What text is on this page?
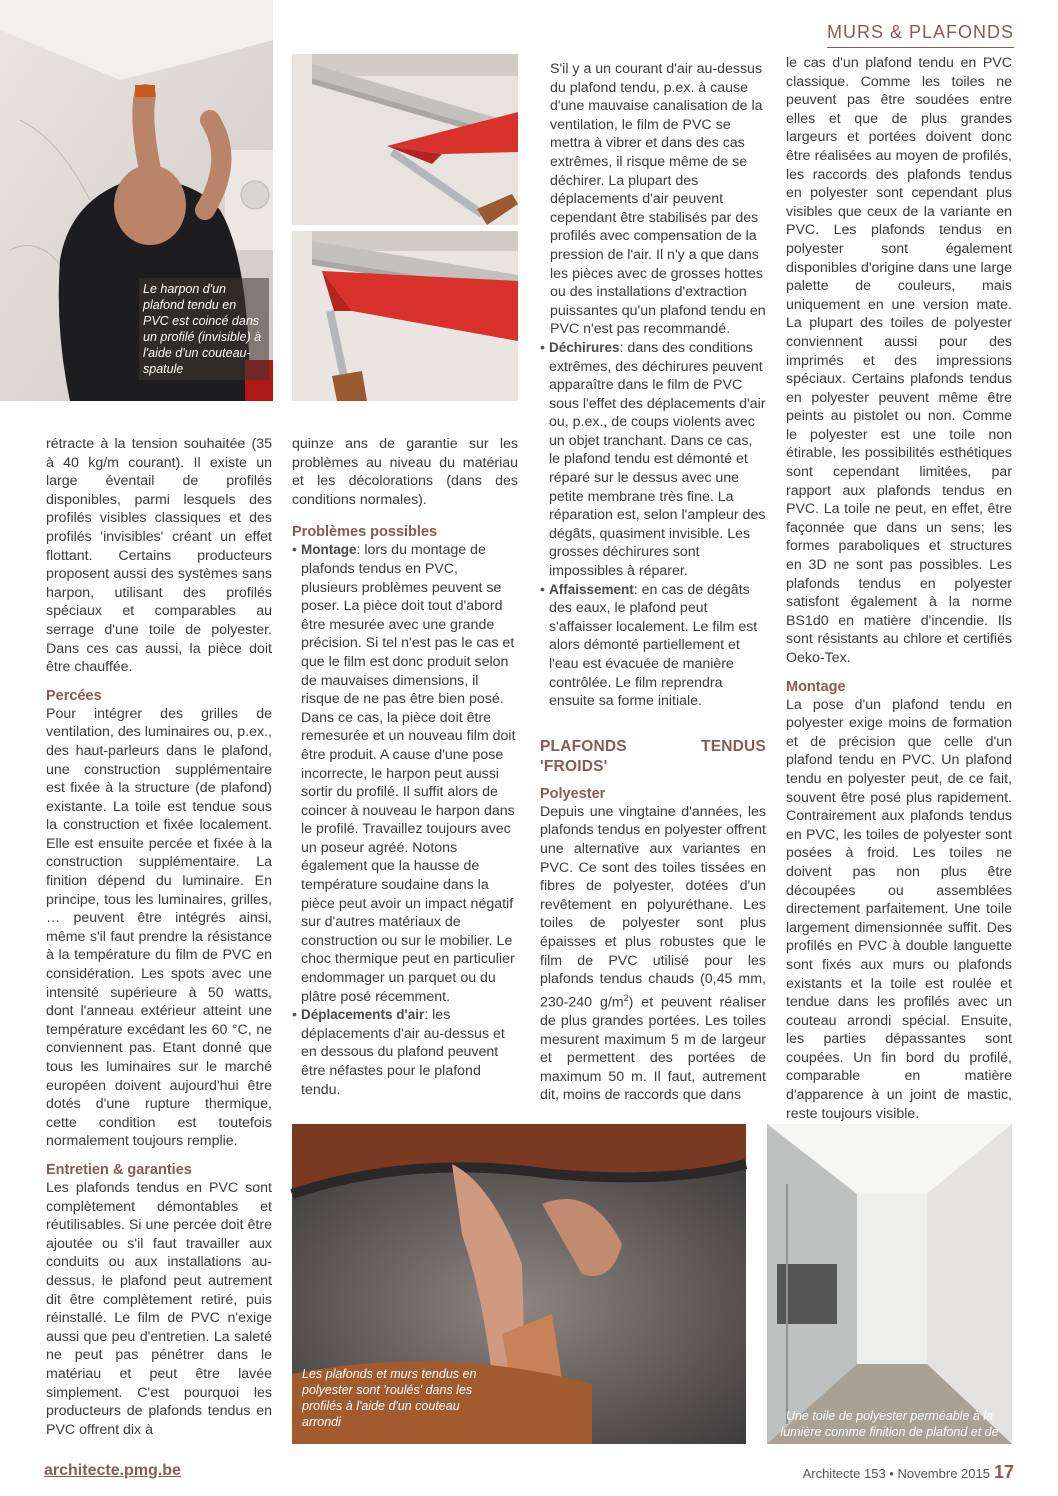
MURS & PLAFONDS
Le harpon d'un plafond tendu en PVC est coincé dans un profilé (invisible) à l'aide d'un couteau-spatule

rétracte à la tension souhaitée (35 à 40 kg/m courant). Il existe un large éventail de profilés disponibles, parmi lesquels des profilés visibles classiques et des profilés 'invisibles' créant un effet flottant. Certains producteurs proposent aussi des systèmes sans harpon, utilisant des profilés spéciaux et comparables au serrage d'une toile de polyester. Dans ces cas aussi, la pièce doit être chauffée.

Percées

Pour intégrer des grilles de ventilation, des luminaires ou, p.ex., des haut-parleurs dans le plafond, une construction supplémentaire est fixée à la structure (de plafond) existante. La toile est tendue sous la construction et fixée localement. Elle est ensuite percée et fixée à la construction supplémentaire. La finition dépend du luminaire. En principe, tous les luminaires, grilles, … peuvent être intégrés ainsi, même s'il faut prendre la résistance à la température du film de PVC en considération. Les spots avec une intensité supérieure à 50 watts, dont l'anneau extérieur atteint une température excédant les 60 °C, ne conviennent pas. Etant donné que tous les luminaires sur le marché européen doivent aujourd'hui être dotés d'une rupture thermique, cette condition est toutefois normalement toujours remplie.

Entretien & garanties

Les plafonds tendus en PVC sont complètement démontables et réutilisables. Si une percée doit être ajoutée ou s'il faut travailler aux conduits ou aux installations au-dessus, le plafond peut autrement dit être complètement retiré, puis réinstallé. Le film de PVC n'exige aussi que peu d'entretien. La saleté ne peut pas pénétrer dans le matériau et peut être lavée simplement. C'est pourquoi les producteurs de plafonds tendus en PVC offrent dix à

quinze ans de garantie sur les problèmes au niveau du matériau et les décolorations (dans des conditions normales).

Problèmes possibles
• Montage: lors du montage de plafonds tendus en PVC, plusieurs problèmes peuvent se poser. La pièce doit tout d'abord être mesurée avec une grande précision. Si tel n'est pas le cas et que le film est donc produit selon de mauvaises dimensions, il risque de ne pas être bien posé. Dans ce cas, la pièce doit être remesurée et un nouveau film doit être produit. A cause d'une pose incorrecte, le harpon peut aussi sortir du profilé. Il suffit alors de coincer à nouveau le harpon dans le profilé. Travaillez toujours avec un poseur agréé. Notons également que la hausse de température soudaine dans la pièce peut avoir un impact négatif sur d'autres matériaux de construction ou sur le mobilier. Le choc thermique peut en particulier endommager un parquet ou du plâtre posé récemment.
• Déplacements d'air: les déplacements d'air au-dessus et en dessous du plafond peuvent être néfastes pour le plafond tendu.

S'il y a un courant d'air au-dessus du plafond tendu, p.ex. à cause d'une mauvaise canalisation de la ventilation, le film de PVC se mettra à vibrer et dans des cas extrêmes, il risque même de se déchirer. La plupart des déplacements d'air peuvent cependant être stabilisés par des profilés avec compensation de la pression de l'air. Il n'y a que dans les pièces avec de grosses hottes ou des installations d'extraction puissantes qu'un plafond tendu en PVC n'est pas recommandé.

• Déchirures: dans des conditions extrêmes, des déchirures peuvent apparaître dans le film de PVC sous l'effet des déplacements d'air ou, p.ex., de coups violents avec un objet tranchant. Dans ce cas, le plafond tendu est démonté et réparé sur le dessus avec une petite membrane très fine. La réparation est, selon l'ampleur des dégâts, quasiment invisible. Les grosses déchirures sont impossibles à réparer.
• Affaissement: en cas de dégâts des eaux, le plafond peut s'affaisser localement. Le film est alors démonté partiellement et l'eau est évacuée de manière contrôlée. Le film reprendra ensuite sa forme initiale.
PLAFONDS TENDUS 'FROIDS'
Polyester

Depuis une vingtaine d'années, les plafonds tendus en polyester offrent une alternative aux variantes en PVC. Ce sont des toiles tissées en fibres de polyester, dotées d'un revêtement en polyuréthane. Les toiles de polyester sont plus épaisses et plus robustes que le film de PVC utilisé pour les plafonds tendus chauds (0,45 mm, 230-240 $g/m^2$) et peuvent réaliser de plus grandes portées. Les toiles mesurent maximum 5 m de largeur et permettent des portées de maximum 50 m. Il faut, autrement dit, moins de raccords que dans

le cas d'un plafond tendu en PVC classique. Comme les toiles ne peuvent pas être soudées entre elles et que de plus grandes largeurs et portées doivent donc être réalisées au moyen de profilés, les raccords des plafonds tendus en polyester sont cependant plus visibles que ceux de la variante en PVC. Les plafonds tendus en polyester sont également disponibles d'origine dans une large palette de couleurs, mais uniquement en une version mate. La plupart des toiles de polyester conviennent aussi pour des imprimés et des impressions spéciaux. Certains plafonds tendus en polyester peuvent même être peints au pistolet ou non. Comme le polyester est une toile non étirable, les possibilités esthétiques sont cependant limitées, par rapport aux plafonds tendus en PVC. La toile ne peut, en effet, être façonnée que dans un sens; les formes paraboliques et structures en 3D ne sont pas possibles. Les plafonds tendus en polyester satisfont également à la norme BS1d0 en matière d'incendie. Ils sont résistants au chlore et certifiés Oeko-Tex.

Montage

La pose d'un plafond tendu en polyester exige moins de formation et de précision que celle d'un plafond tendu en PVC. Un plafond tendu en polyester peut, de ce fait, souvent être posé plus rapidement. Contrairement aux plafonds tendus en PVC, les toiles de polyester sont posées à froid. Les toiles ne doivent pas non plus être découpées ou assemblées directement parfaitement. Une toile largement dimensionnée suffit. Des profilés en PVC à double languette sont fixés aux murs ou plafonds existants et la toile est roulée et tendue dans les profilés avec un couteau arrondi spécial. Ensuite, les parties dépassantes sont coupées. Un fin bord du profilé, comparable en matière d'apparence à un joint de mastic, reste toujours visible.

Les plafonds et murs tendus en polyester sont 'roulés' dans les profilés à l'aide d'un couteau arrondi	Une toile de polyester perméable à la lumière comme finition de plafond et de mur
architecte.pmg.be	Architecte 153 • Novembre 2015 17
